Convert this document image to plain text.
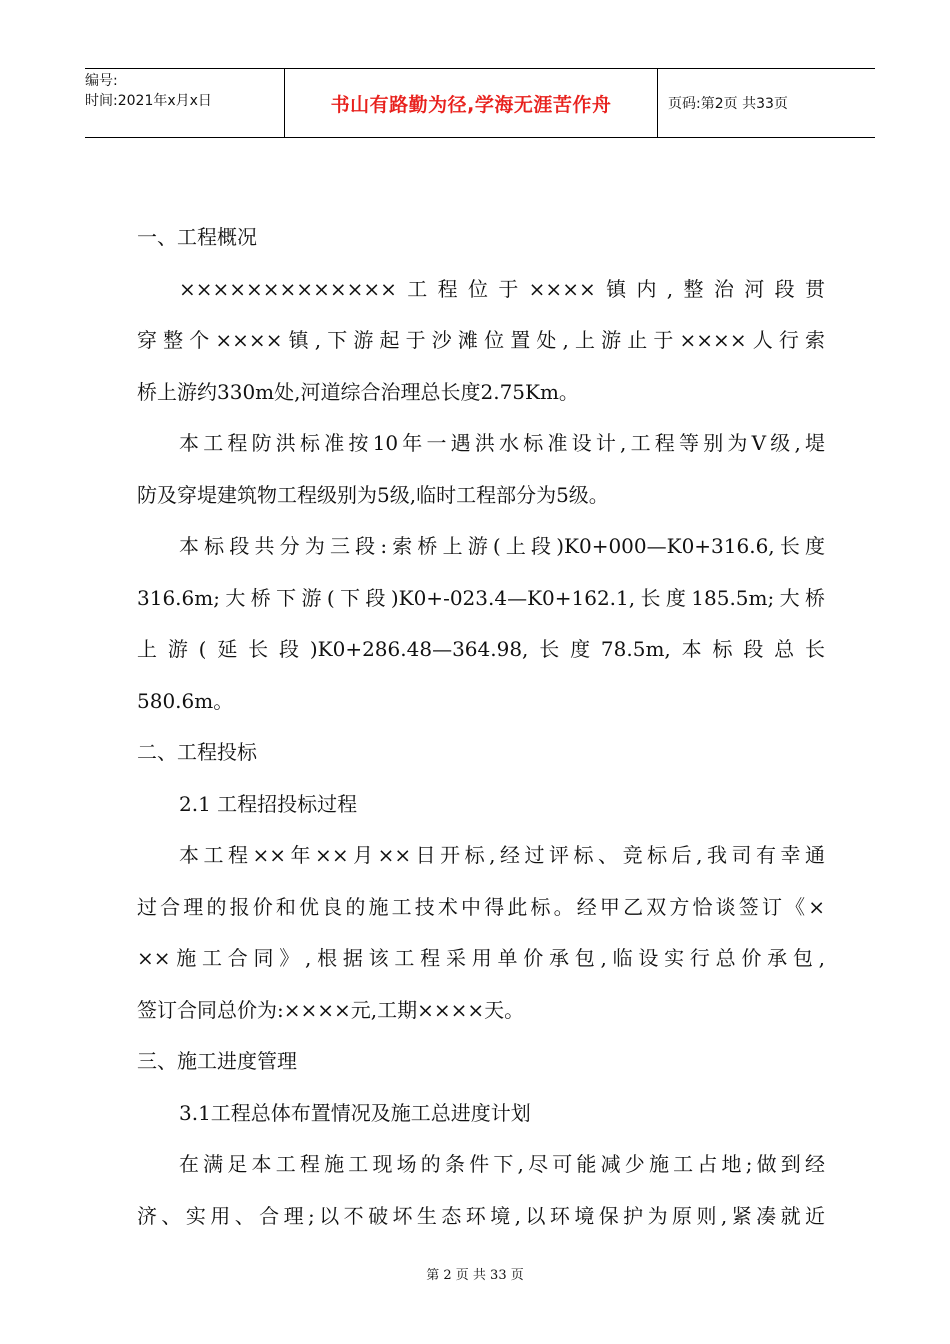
编号:
时间:2021年x月x日	书山有路勤为径,学海无涯苦作舟	页码:第2页 共33页
一、工程概况
×××××××××××××工程位于××××镇内,整治河段贯
穿整个××××镇,下游起于沙滩位置处,上游止于××××人行索
桥上游约330m处,河道综合治理总长度2.75Km。
本工程防洪标准按10年一遇洪水标准设计,工程等别为Ⅴ级,堤
防及穿堤建筑物工程级别为5级,临时工程部分为5级。
本标段共分为三段:索桥上游(上段)K0+000—K0+316.6,长度
316.6m;大桥下游(下段)K0+-023.4—K0+162.1,长度185.5m;大桥
上游(延长段)K0+286.48—364.98,长度78.5m,本标段总长
580.6m。
二、工程投标
2.1 工程招投标过程
本工程××年××月××日开标,经过评标、竞标后,我司有幸通
过合理的报价和优良的施工技术中得此标。经甲乙双方恰谈签订《×
××施工合同》,根据该工程采用单价承包,临设实行总价承包,
签订合同总价为:××××元,工期××××天。
三、施工进度管理
3.1工程总体布置情况及施工总进度计划
在满足本工程施工现场的条件下,尽可能减少施工占地;做到经
济、实用、合理;以不破坏生态环境,以环境保护为原则,紧凑就近
第 2 页 共 33 页
